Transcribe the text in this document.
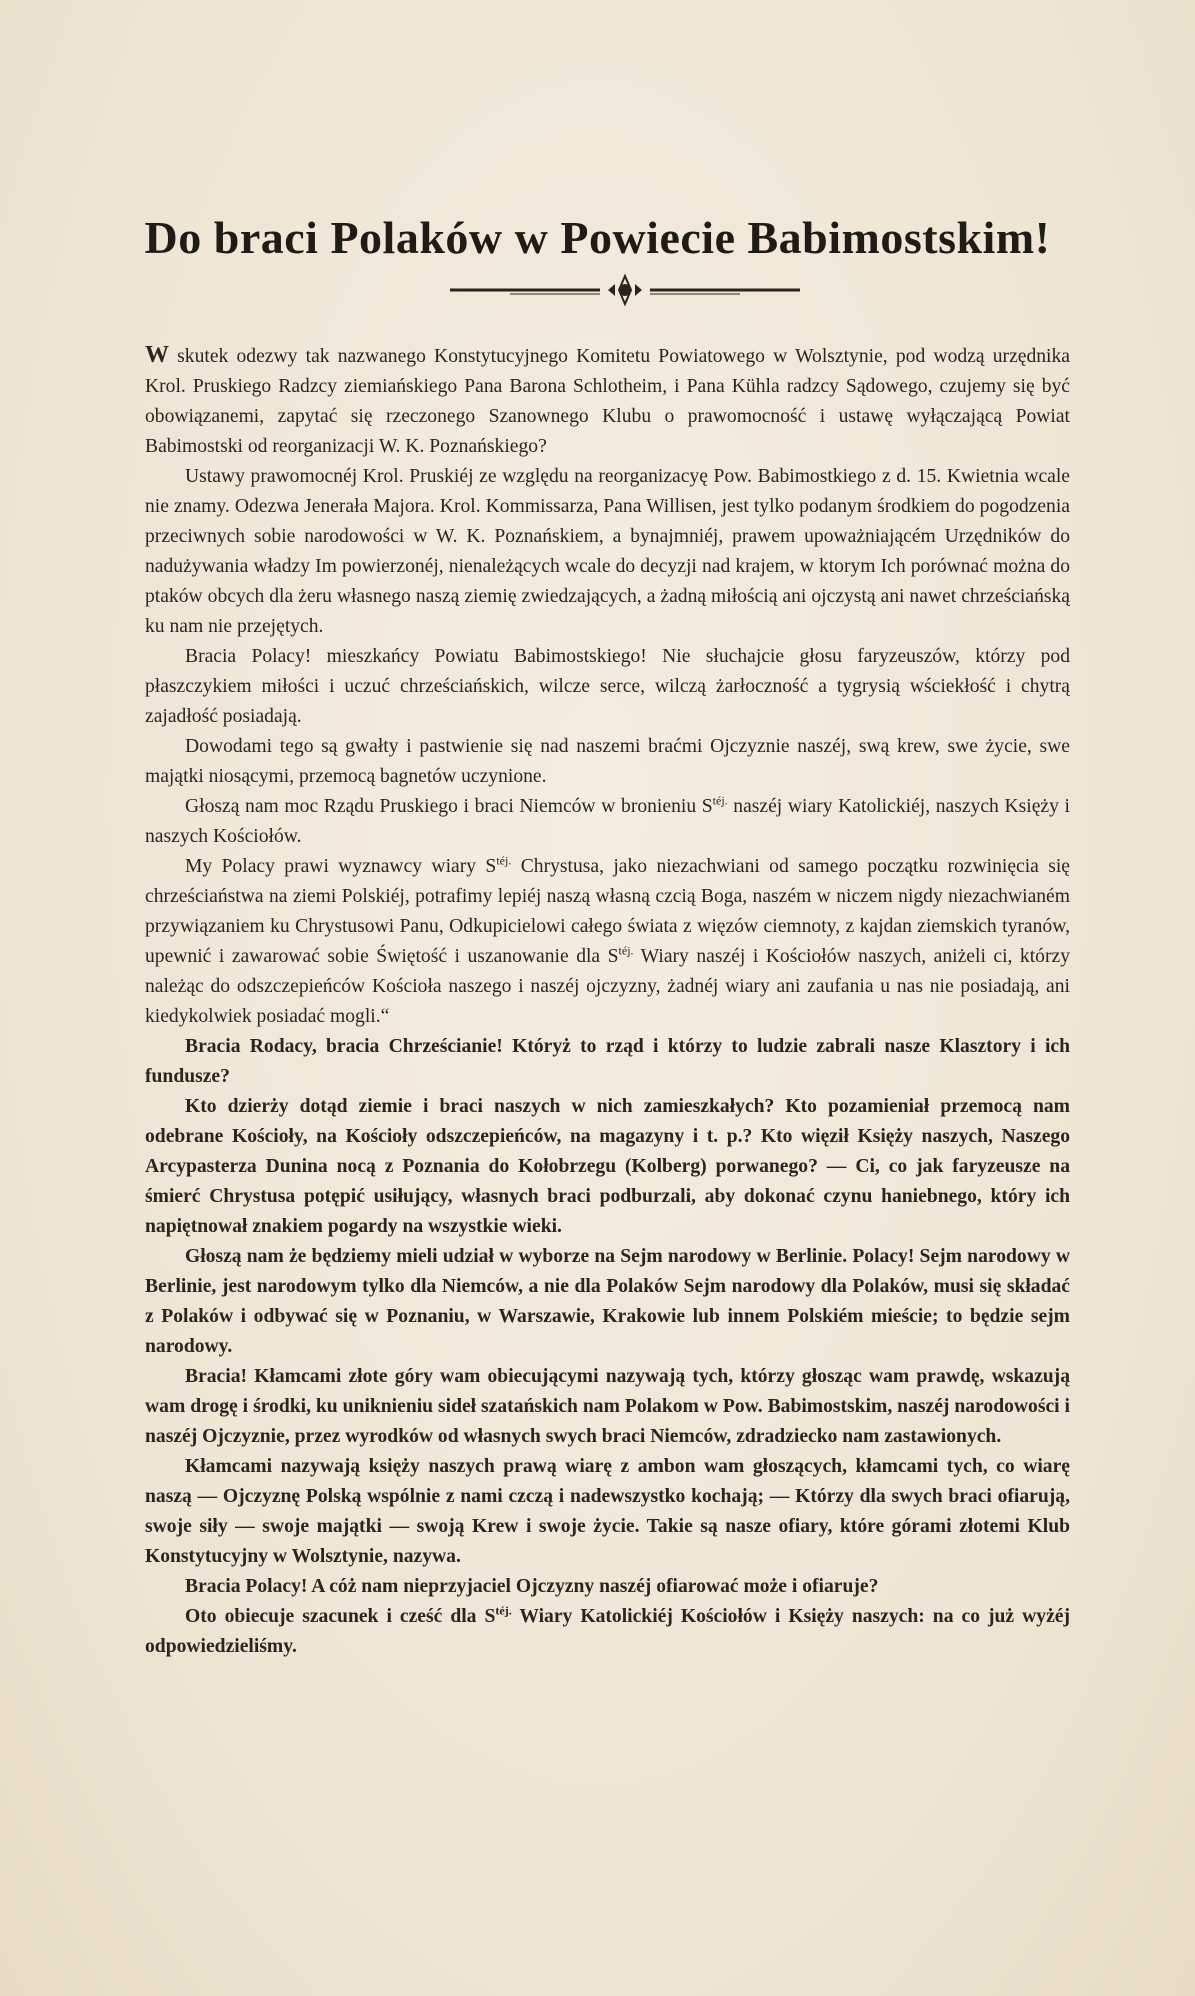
Do braci Polaków w Powiecie Babimostskim!

W skutek odezwy tak nazwanego Konstytucyjnego Komitetu Powiatowego w Wolsztynie, pod wodzą urzędnika Krol. Pruskiego Radzcy ziemiańskiego Pana Barona Schlotheim, i Pana Kühla radzcy Sądowego, czujemy się być obowiązanemi, zapytać się rzeczonego Szanownego Klubu o prawomocność i ustawę wyłączającą Powiat Babimostski od reorganizacji W. K. Poznańskiego?

Ustawy prawomocnéj Krol. Pruskiéj ze względu na reorganizacyę Pow. Babimostkiego z d. 15. Kwietnia wcale nie znamy. Odezwa Jenerała Majora. Krol. Kommissarza, Pana Willisen, jest tylko podanym środkiem do pogodzenia przeciwnych sobie narodowości w W. K. Poznańskiem, a bynajmniéj, prawem upoważniającém Urzędników do nadużywania władzy Im powierzonéj, nienależących wcale do decyzji nad krajem, w ktorym Ich porównać można do ptaków obcych dla żeru własnego naszą ziemię zwiedzających, a żadną miłością ani ojczystą ani nawet chrześciańską ku nam nie przejętych.

Bracia Polacy! mieszkańcy Powiatu Babimostskiego! Nie słuchajcie głosu faryzeuszów, którzy pod płaszczykiem miłości i uczuć chrześciańskich, wilcze serce, wilczą żarłoczność a tygrysią wściekłość i chytrą zajadłość posiadają.

Dowodami tego są gwałty i pastwienie się nad naszemi braćmi Ojczyznie naszéj, swą krew, swe życie, swe majątki niosącymi, przemocą bagnetów uczynione.

Głoszą nam moc Rządu Pruskiego i braci Niemców w bronieniu $S^{téj.}$ naszéj wiary Katolickiéj, naszych Księży i naszych Kościołów.

My Polacy prawi wyznawcy wiary $S^{téj.}$ Chrystusa, jako niezachwiani od samego początku rozwinięcia się chrześciaństwa na ziemi Polskiéj, potrafimy lepiéj naszą własną czcią Boga, naszém w niczem nigdy niezachwianém przywiązaniem ku Chrystusowi Panu, Odkupicielowi całego świata z więzów ciemnoty, z kajdan ziemskich tyranów, upewnić i zawarować sobie Świętość i uszanowanie dla $S^{téj.}$ Wiary naszéj i Kościołów naszych, aniżeli ci, którzy należąc do odszczepieńców Kościoła naszego i naszéj ojczyzny, żadnéj wiary ani zaufania u nas nie posiadają, ani kiedykolwiek posiadać mogli.“

Bracia Rodacy, bracia Chrześcianie! Któryż to rząd i którzy to ludzie zabrali nasze Klasztory i ich fundusze?

Kto dzierży dotąd ziemie i braci naszych w nich zamieszkałych? Kto pozamieniał przemocą nam odebrane Kościoły, na Kościoły odszczepieńców, na magazyny i t. p.? Kto więził Księży naszych, Naszego Arcypasterza Dunina nocą z Poznania do Kołobrzegu (Kolberg) porwanego? — Ci, co jak faryzeusze na śmierć Chrystusa potępić usiłujący, własnych braci podburzali, aby dokonać czynu haniebnego, który ich napiętnował znakiem pogardy na wszystkie wieki.

Głoszą nam że będziemy mieli udział w wyborze na Sejm narodowy w Berlinie. Polacy! Sejm narodowy w Berlinie, jest narodowym tylko dla Niemców, a nie dla Polaków Sejm narodowy dla Polaków, musi się składać z Polaków i odbywać się w Poznaniu, w Warszawie, Krakowie lub innem Polskiém mieście; to będzie sejm narodowy.

Bracia! Kłamcami złote góry wam obiecującymi nazywają tych, którzy głosząc wam prawdę, wskazują wam drogę i środki, ku uniknieniu sideł szatańskich nam Polakom w Pow. Babimostskim, naszéj narodowości i naszéj Ojczyznie, przez wyrodków od własnych swych braci Niemców, zdradziecko nam zastawionych.

Kłamcami nazywają księży naszych prawą wiarę z ambon wam głoszących, kłamcami tych, co wiarę naszą — Ojczyznę Polską wspólnie z nami czczą i nadewszystko kochają; — Którzy dla swych braci ofiarują, swoje siły — swoje majątki — swoją Krew i swoje życie. Takie są nasze ofiary, które górami złotemi Klub Konstytucyjny w Wolsztynie, nazywa.

Bracia Polacy! A cóż nam nieprzyjaciel Ojczyzny naszéj ofiarować może i ofiaruje?

Oto obiecuje szacunek i cześć dla $S^{téj.}$ Wiary Katolickiéj Kościołów i Księży naszych: na co już wyżéj odpowiedzieliśmy.
